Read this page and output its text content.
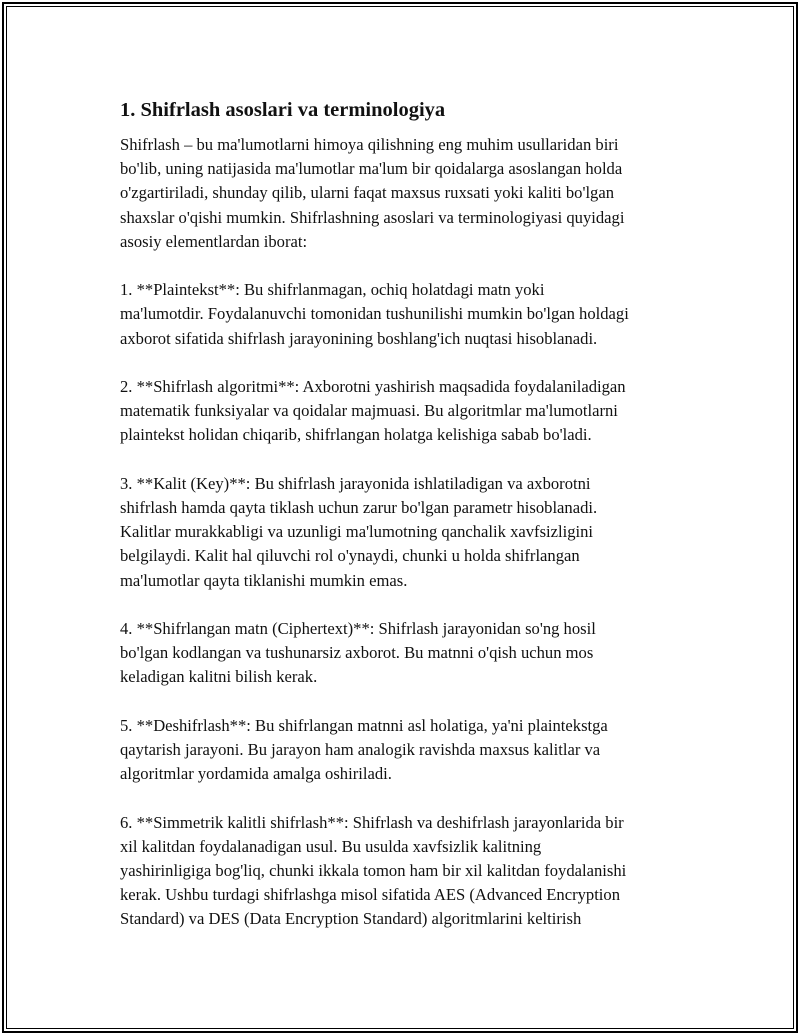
1. Shifrlash asoslari va terminologiya

Shifrlash – bu ma'lumotlarni himoya qilishning eng muhim usullaridan biri
bo'lib, uning natijasida ma'lumotlar ma'lum bir qoidalarga asoslangan holda
o'zgartiriladi, shunday qilib, ularni faqat maxsus ruxsati yoki kaliti bo'lgan
shaxslar o'qishi mumkin. Shifrlashning asoslari va terminologiyasi quyidagi
asosiy elementlardan iborat:

1. **Plaintekst**: Bu shifrlanmagan, ochiq holatdagi matn yoki
ma'lumotdir. Foydalanuvchi tomonidan tushunilishi mumkin bo'lgan holdagi
axborot sifatida shifrlash jarayonining boshlang'ich nuqtasi hisoblanadi.

2. **Shifrlash algoritmi**: Axborotni yashirish maqsadida foydalaniladigan
matematik funksiyalar va qoidalar majmuasi. Bu algoritmlar ma'lumotlarni
plaintekst holidan chiqarib, shifrlangan holatga kelishiga sabab bo'ladi.

3. **Kalit (Key)**: Bu shifrlash jarayonida ishlatiladigan va axborotni
shifrlash hamda qayta tiklash uchun zarur bo'lgan parametr hisoblanadi.
Kalitlar murakkabligi va uzunligi ma'lumotning qanchalik xavfsizligini
belgilaydi. Kalit hal qiluvchi rol o'ynaydi, chunki u holda shifrlangan
ma'lumotlar qayta tiklanishi mumkin emas.

4. **Shifrlangan matn (Ciphertext)**: Shifrlash jarayonidan so'ng hosil
bo'lgan kodlangan va tushunarsiz axborot. Bu matnni o'qish uchun mos
keladigan kalitni bilish kerak.

5. **Deshifrlash**: Bu shifrlangan matnni asl holatiga, ya'ni plainteks​tga
qaytarish jarayoni. Bu jarayon ham analogik ravishda maxsus kalitlar va
algoritmlar yordamida amalga oshiriladi.

6. **Simmetrik kalitli shifrlash**: Shifrlash va deshifrlash jarayonlarida bir
xil kalitdan foydalanadigan usul. Bu usulda xavfsizlik kalitning
yashirinligiga bog'liq, chunki ikkala tomon ham bir xil kalitdan foydalanishi
kerak. Ushbu turdagi shifrlashga misol sifatida AES (Advanced Encryption
Standard) va DES (Data Encryption Standard) algoritmlarini keltirish
